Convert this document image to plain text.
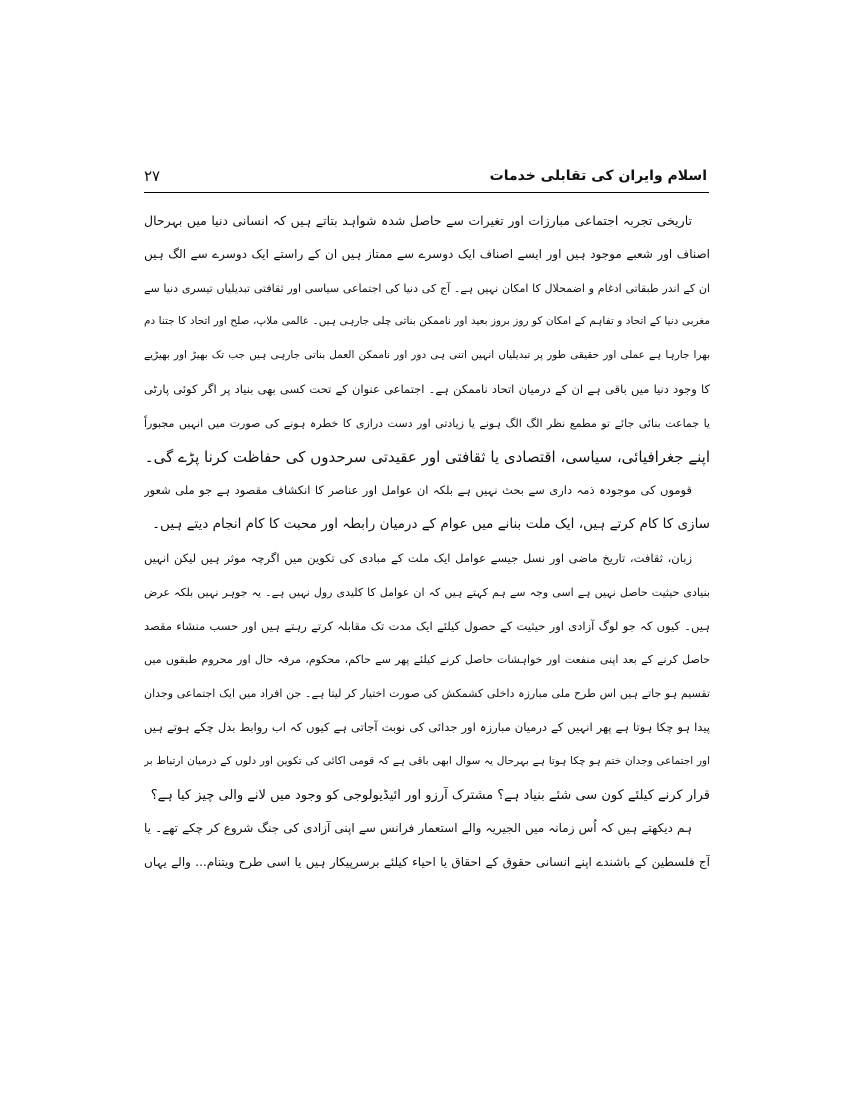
اسلام وایران کی تقابلی خدمات
۲۷
تاریخی تجربہ اجتماعی مبارزات اور تغیرات سے حاصل شدہ شواہد بتاتے ہیں کہ انسانی دنیا میں بہرحال
اصناف اور شعبے موجود ہیں اور ایسے اصناف ایک دوسرے سے ممتاز ہیں ان کے راستے ایک دوسرے سے الگ ہیں
ان کے اندر طبقاتی ادغام و اضمحلال کا امکان نہیں ہے۔ آج کی دنیا کی اجتماعی سیاسی اور ثقافتی تبدیلیاں تیسری دنیا سے
مغربی دنیا کے اتحاد و تفاہم کے امکان کو روز بروز بعید اور ناممکن بناتی چلی جارہی ہیں۔ عالمی ملاپ، صلح اور اتحاد کا جتنا دم
بھرا جارہا ہے عملی اور حقیقی طور پر تبدیلیاں انہیں اتنی ہی دور اور ناممکن العمل بناتی جارہی ہیں جب تک بھیڑ اور بھیڑیے
کا وجود دنیا میں باقی ہے ان کے درمیان اتحاد ناممکن ہے۔ اجتماعی عنوان کے تحت کسی بھی بنیاد پر اگر کوئی پارٹی
یا جماعت بنائی جائے تو مطمع نظر الگ الگ ہونے یا زیادتی اور دست درازی کا خطرہ ہونے کی صورت میں انہیں مجبوراً
اپنے جغرافیائی، سیاسی، اقتصادی یا ثقافتی اور عقیدتی سرحدوں کی حفاظت کرنا پڑے گی۔
قوموں کی موجودہ ذمہ داری سے بحث نہیں ہے بلکہ ان عوامل اور عناصر کا انکشاف مقصود ہے جو ملی شعور
سازی کا کام کرتے ہیں، ایک ملت بنانے میں عوام کے درمیان رابطہ اور محبت کا کام انجام دیتے ہیں۔
زبان، ثقافت، تاریخ ماضی اور نسل جیسے عوامل ایک ملت کے مبادی کی تکوین میں اگرچہ موثر ہیں لیکن انہیں
بنیادی حیثیت حاصل نہیں ہے اسی وجہ سے ہم کہتے ہیں کہ ان عوامل کا کلیدی رول نہیں ہے۔ یہ جوہر نہیں بلکہ عرض
ہیں۔ کیوں کہ جو لوگ آزادی اور حیثیت کے حصول کیلئے ایک مدت تک مقابلہ کرتے رہتے ہیں اور حسب منشاء مقصد
حاصل کرنے کے بعد اپنی منفعت اور خواہشات حاصل کرنے کیلئے پھر سے حاکم، محکوم، مرفہ حال اور محروم طبقوں میں
تقسیم ہو جاتے ہیں اس طرح ملی مبارزہ داخلی کشمکش کی صورت اختیار کر لیتا ہے۔ جن افراد میں ایک اجتماعی وجدان
پیدا ہو چکا ہوتا ہے پھر انہیں کے درمیان مبارزہ اور جدائی کی نوبت آجاتی ہے کیوں کہ اب روابط بدل چکے ہوتے ہیں
اور اجتماعی وجدان ختم ہو چکا ہوتا ہے بہرحال یہ سوال ابھی باقی ہے کہ قومی اکائی کی تکوین اور دلوں کے درمیان ارتباط بر
قرار کرنے کیلئے کون سی شئے بنیاد ہے؟ مشترک آرزو اور ائیڈیولوجی کو وجود میں لانے والی چیز کیا ہے؟
ہم دیکھتے ہیں کہ اُس زمانہ میں الجیریہ والے استعمار فرانس سے اپنی آزادی کی جنگ شروع کر چکے تھے۔ یا
آج فلسطین کے باشندے اپنے انسانی حقوق کے احقاق یا احیاء کیلئے برسرپیکار ہیں یا اسی طرح ویتنام... والے یہاں
